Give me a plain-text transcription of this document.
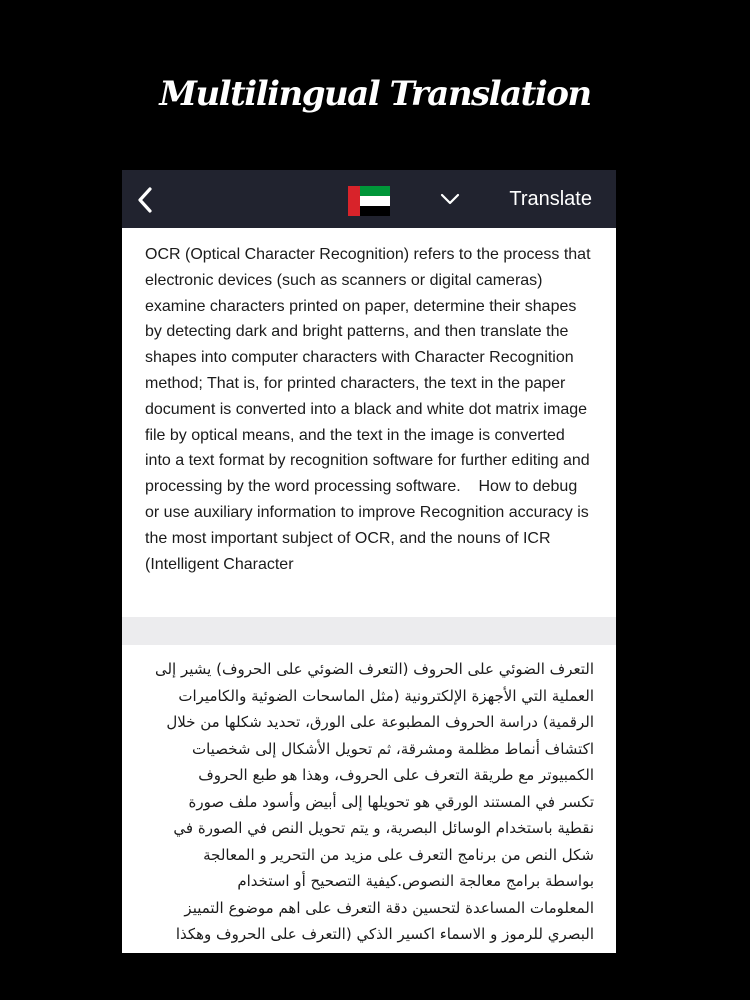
Multilingual Translation
Translate

OCR (Optical Character Recognition) refers to the process that electronic devices (such as scanners or digital cameras) examine characters printed on paper, determine their shapes by detecting dark and bright patterns, and then translate the shapes into computer characters with Character Recognition method; That is, for printed characters, the text in the paper document is converted into a black and white dot matrix image file by optical means, and the text in the image is converted into a text format by recognition software for further editing and processing by the word processing software.    How to debug or use auxiliary information to improve Recognition accuracy is the most important subject of OCR, and the nouns of ICR (Intelligent Character

التعرف الضوئي على الحروف (التعرف الضوئي على الحروف) يشير إلى
العملية التي الأجهزة الإلكترونية (مثل الماسحات الضوئية والكاميرات
الرقمية) دراسة الحروف المطبوعة على الورق، تحديد شكلها من خلال
اكتشاف أنماط مظلمة ومشرقة، ثم تحويل الأشكال إلى شخصيات
الكمبيوتر مع طريقة التعرف على الحروف، وهذا هو طبع الحروف
تكسر في المستند الورقي هو تحويلها إلى أبيض وأسود ملف صورة
نقطية باستخدام الوسائل البصرية، و يتم تحويل النص في الصورة في
شكل النص من برنامج التعرف على مزيد من التحرير و المعالجة
بواسطة برامج معالجة النصوص.كيفية التصحيح أو استخدام
المعلومات المساعدة لتحسين دقة التعرف على اهم موضوع التمييز
البصري للرموز و الاسماء اكسير الذكي (التعرف على الحروف وهكذا
